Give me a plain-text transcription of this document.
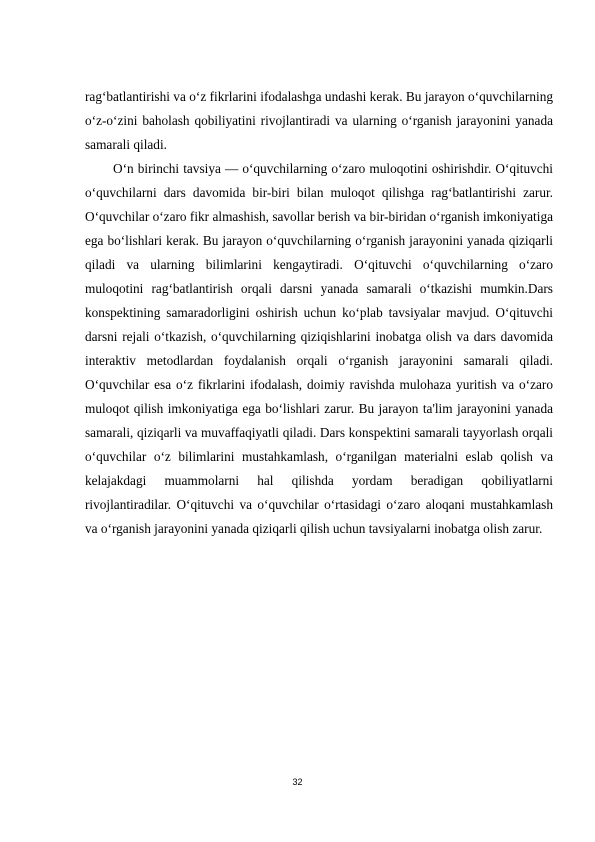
rag‘batlantirishi va o‘z fikrlarini ifodalashga undashi kerak. Bu jarayon o‘quvchilarning o‘z-o‘zini baholash qobiliyatini rivojlantiradi va ularning o‘rganish jarayonini yanada samarali qiladi.

O‘n birinchi tavsiya — o‘quvchilarning o‘zaro muloqotini oshirishdir. O‘qituvchi o‘quvchilarni dars davomida bir-biri bilan muloqot qilishga rag‘batlantirishi zarur. O‘quvchilar o‘zaro fikr almashish, savollar berish va bir-biridan o‘rganish imkoniyatiga ega bo‘lishlari kerak. Bu jarayon o‘quvchilarning o‘rganish jarayonini yanada qiziqarli qiladi va ularning bilimlarini kengaytiradi. O‘qituvchi o‘quvchilarning o‘zaro muloqotini rag‘batlantirish orqali darsni yanada samarali o‘tkazishi mumkin.Dars konspektining samaradorligini oshirish uchun ko‘plab tavsiyalar mavjud. O‘qituvchi darsni rejali o‘tkazish, o‘quvchilarning qiziqishlarini inobatga olish va dars davomida interaktiv metodlardan foydalanish orqali o‘rganish jarayonini samarali qiladi. O‘quvchilar esa o‘z fikrlarini ifodalash, doimiy ravishda mulohaza yuritish va o‘zaro muloqot qilish imkoniyatiga ega bo‘lishlari zarur. Bu jarayon ta'lim jarayonini yanada samarali, qiziqarli va muvaffaqiyatli qiladi. Dars konspektini samarali tayyorlash orqali o‘quvchilar o‘z bilimlarini mustahkamlash, o‘rganilgan materialni eslab qolish va kelajakdagi muammolarni hal qilishda yordam beradigan qobiliyatlarni rivojlantiradilar. O‘qituvchi va o‘quvchilar o‘rtasidagi o‘zaro aloqani mustahkamlash va o‘rganish jarayonini yanada qiziqarli qilish uchun tavsiyalarni inobatga olish zarur.

32
